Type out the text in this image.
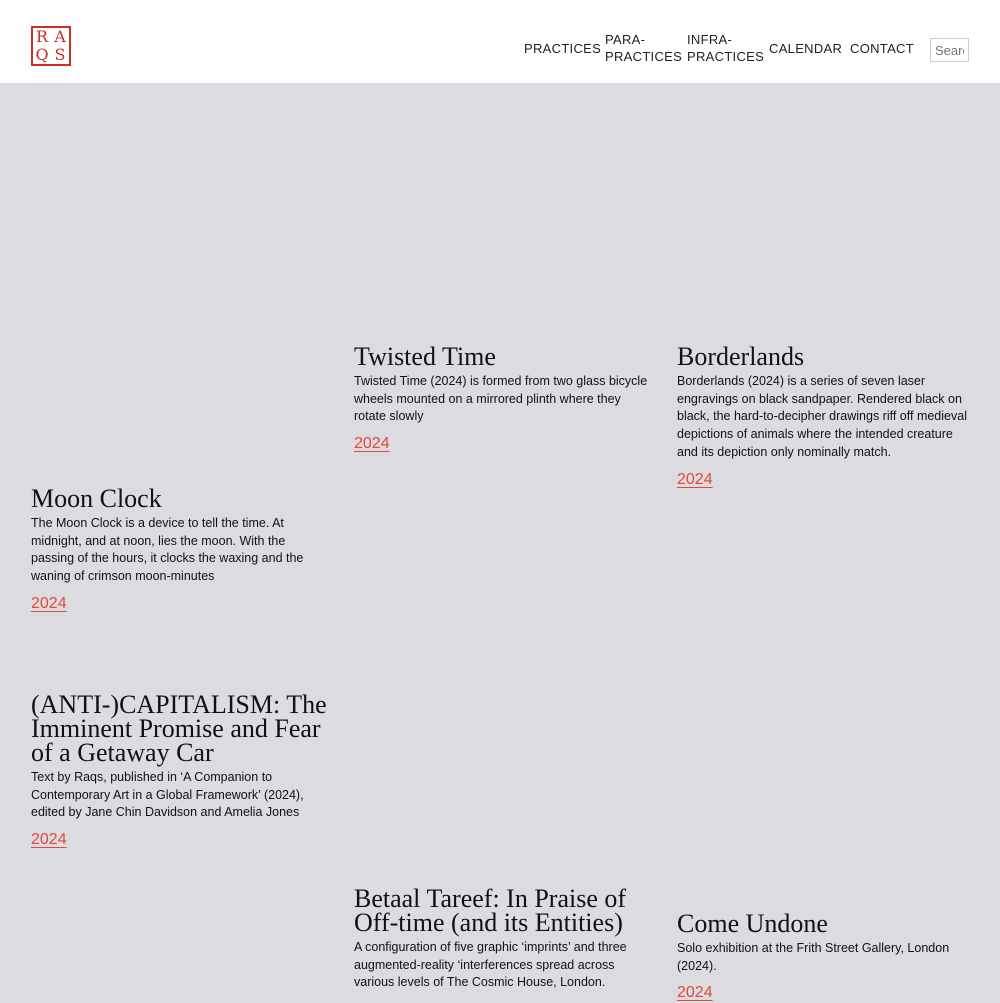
R A
Q S	PRACTICES
PARA-
PRACTICES
INFRA-
PRACTICES
CALENDAR CONTACT
Search
Twisted Time

Twisted Time (2024) is formed from two glass bicycle wheels mounted on a mirrored plinth where they rotate slowly

2024
Borderlands

Borderlands (2024) is a series of seven laser engravings on black sandpaper. Rendered black on black, the hard-to-decipher drawings riff off medieval depictions of animals where the intended creature and its depiction only nominally match.

2024
Moon Clock

The Moon Clock is a device to tell the time. At midnight, and at noon, lies the moon. With the passing of the hours, it clocks the waxing and the waning of crimson moon-minutes

2024
(ANTI-)CAPITALISM: The Imminent Promise and Fear of a Getaway Car

Text by Raqs, published in ‘A Companion to Contemporary Art in a Global Framework’ (2024), edited by Jane Chin Davidson and Amelia Jones

2024
Betaal Tareef: In Praise of Off-time (and its Entities)

A configuration of five graphic ‘imprints’ and three augmented-reality ‘interferences spread across various levels of The Cosmic House, London.

Come Undone

Solo exhibition at the Frith Street Gallery, London (2024).

2024
